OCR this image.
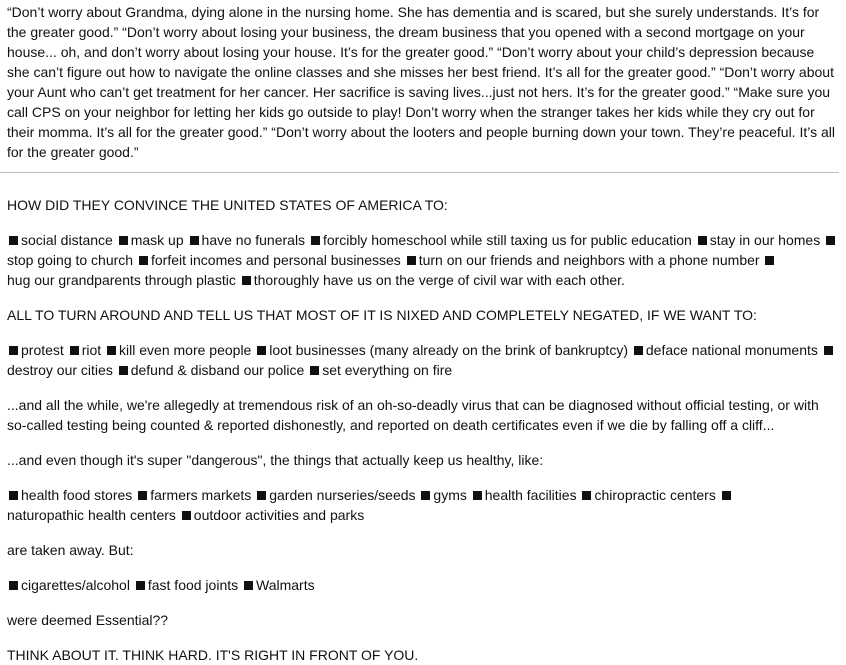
“Don’t worry about Grandma, dying alone in the nursing home. She has dementia and is scared, but she surely understands. It’s for the greater good.” “Don’t worry about losing your business, the dream business that you opened with a second mortgage on your house... oh, and don’t worry about losing your house. It’s for the greater good.” “Don’t worry about your child’s depression because she can’t figure out how to navigate the online classes and she misses her best friend. It’s all for the greater good.” “Don’t worry about your Aunt who can’t get treatment for her cancer. Her sacrifice is saving lives...just not hers. It’s for the greater good.” “Make sure you call CPS on your neighbor for letting her kids go outside to play! Don’t worry when the stranger takes her kids while they cry out for their momma. It’s all for the greater good.” “Don’t worry about the looters and people burning down your town. They’re peaceful. It’s all for the greater good.”

HOW DID THEY CONVINCE THE UNITED STATES OF AMERICA TO:

social distance mask up have no funerals forcibly homeschool while still taxing us for public education stay in our homes stop going to church forfeit incomes and personal businesses turn on our friends and neighbors with a phone number hug our grandparents through plastic thoroughly have us on the verge of civil war with each other.

ALL TO TURN AROUND AND TELL US THAT MOST OF IT IS NIXED AND COMPLETELY NEGATED, IF WE WANT TO:

protest riot kill even more people loot businesses (many already on the brink of bankruptcy) deface national monuments destroy our cities defund & disband our police set everything on fire

...and all the while, we're allegedly at tremendous risk of an oh-so-deadly virus that can be diagnosed without official testing, or with so-called testing being counted & reported dishonestly, and reported on death certificates even if we die by falling off a cliff...

...and even though it's super "dangerous", the things that actually keep us healthy, like:

health food stores farmers markets garden nurseries/seeds gyms health facilities chiropractic centers naturopathic health centers outdoor activities and parks

are taken away. But:

cigarettes/alcohol fast food joints Walmarts

were deemed Essential??

THINK ABOUT IT. THINK HARD. IT'S RIGHT IN FRONT OF YOU.
